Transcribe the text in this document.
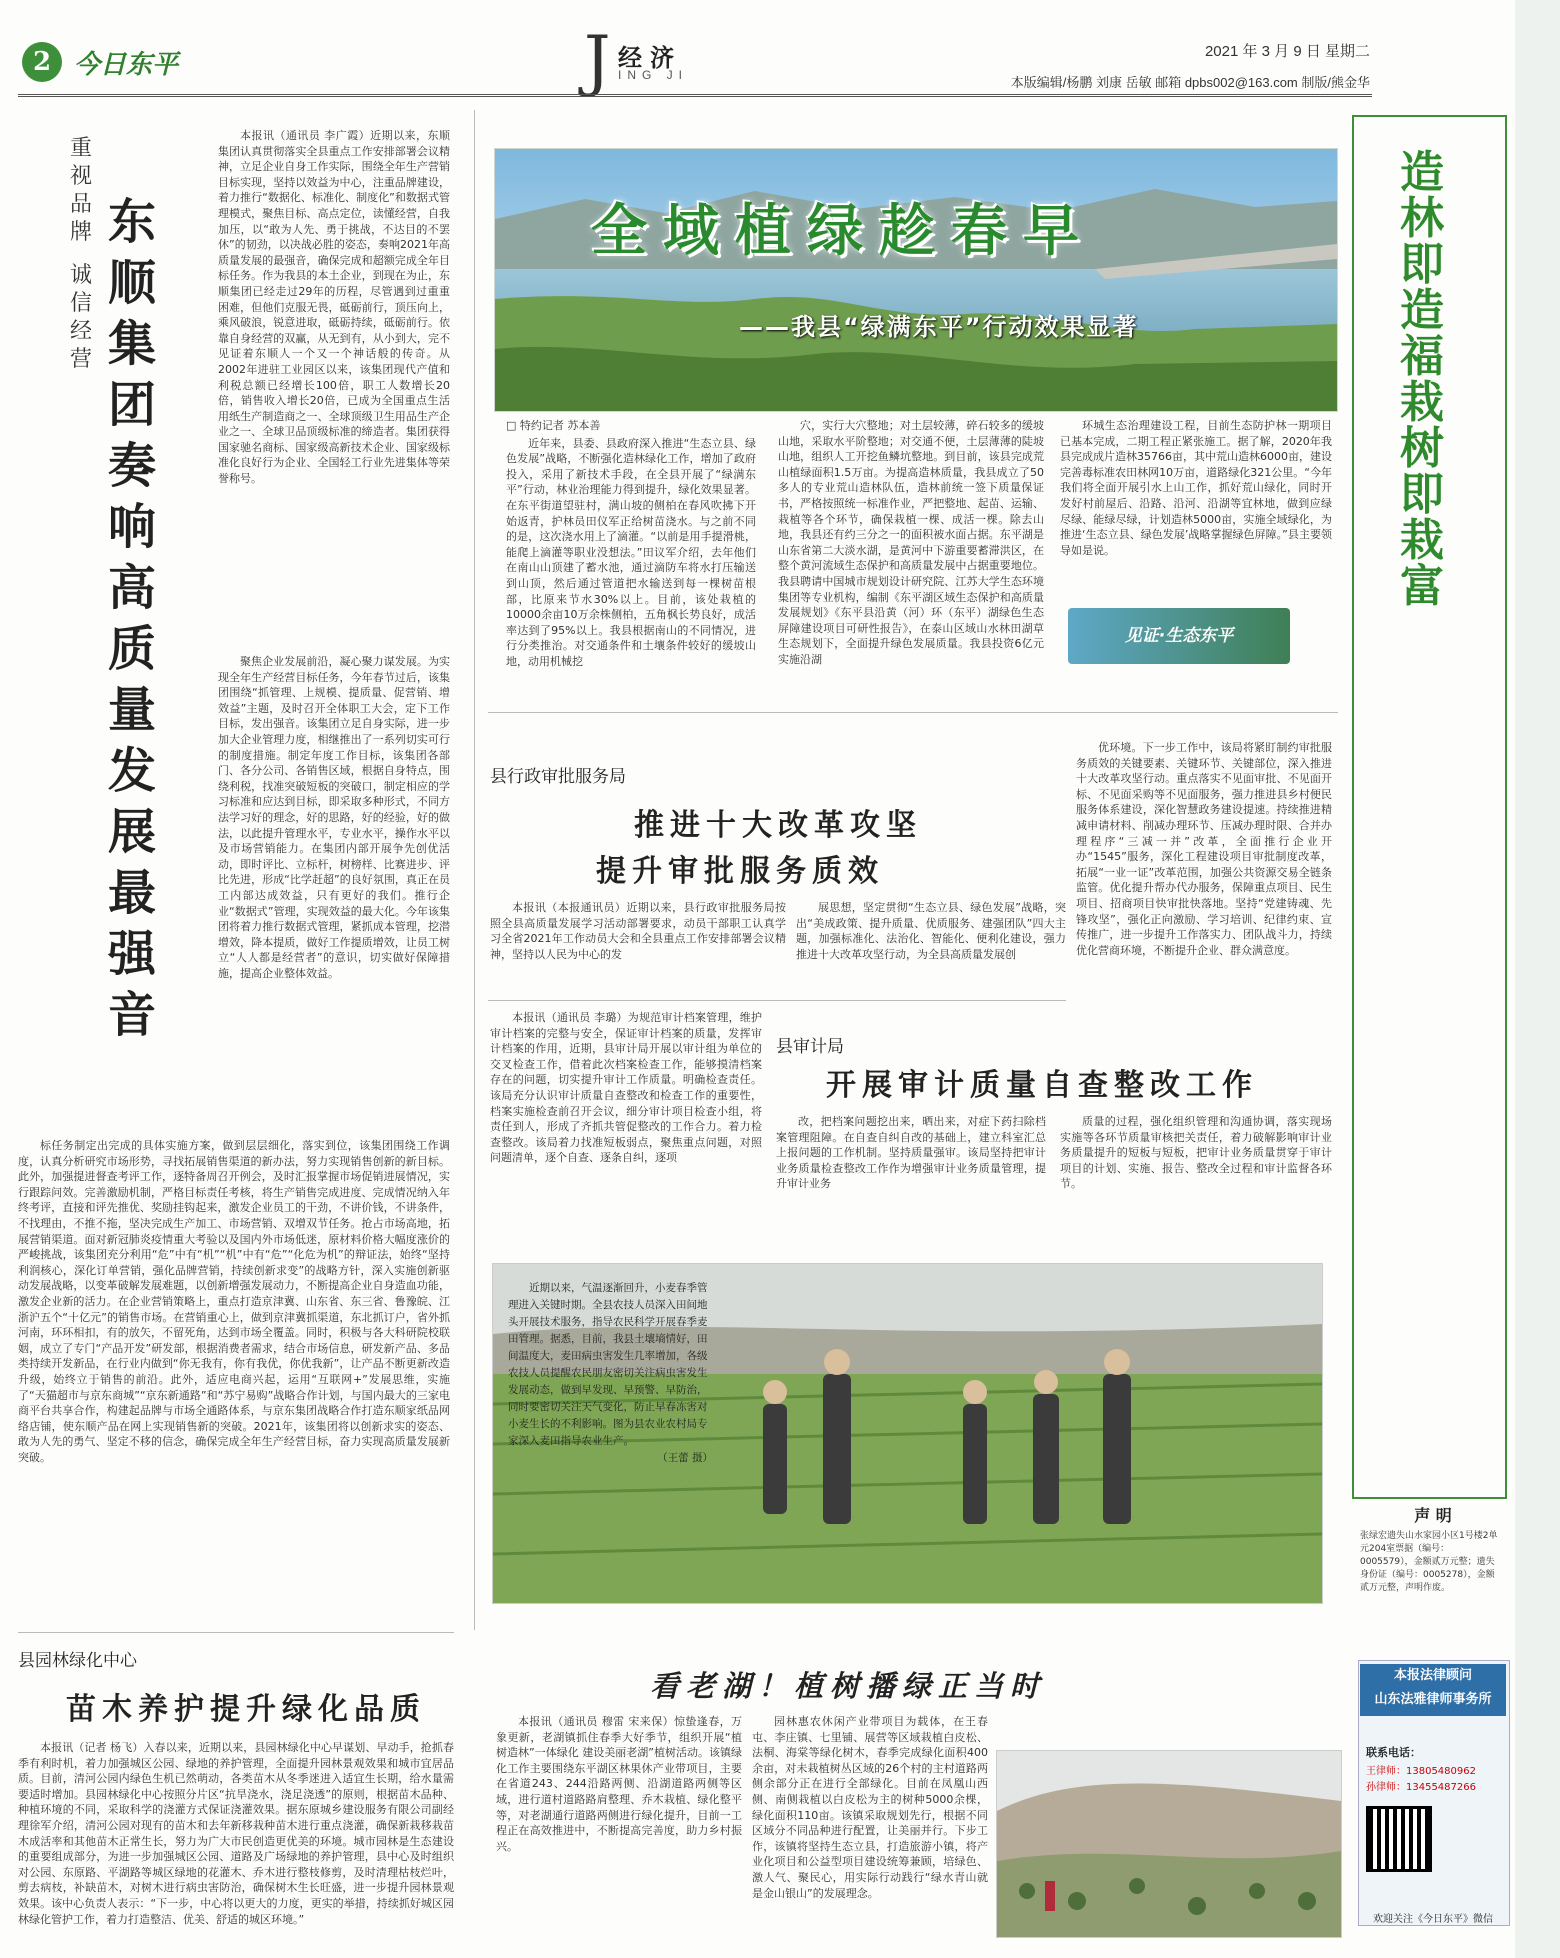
2 今日东平	J 经济
ING JI
2021 年 3 月 9 日 星期二
本版编辑/杨鹏 刘康 岳敏 邮箱 dpbs002@163.com 制版/熊金华
重视品牌
诚信经营
东顺集团奏响高质量发展最强音

本报讯（通讯员 李广霞）近期以来，东顺集团认真贯彻落实全县重点工作安排部署会议精神，立足企业自身工作实际，围绕全年生产营销目标实现，坚持以效益为中心，注重品牌建设，着力推行“数据化、标准化、制度化”和数据式管理模式，聚焦目标、高点定位，读懂经营，自我加压，以“敢为人先、勇于挑战，不达目的不罢休”的韧劲，以决战必胜的姿态，奏响2021年高质量发展的最强音，确保完成和超额完成全年目标任务。作为我县的本土企业，到现在为止，东顺集团已经走过29年的历程，尽管遇到过重重困难，但他们克服无畏，砥砺前行，顶压向上，乘风破浪，锐意进取，砥砺持续，砥砺前行。依靠自身经营的双赢，从无到有，从小到大，完不见证着东顺人一个又一个神话般的传奇。从2002年进驻工业园区以来，该集团现代产值和利税总额已经增长100倍，职工人数增长20倍，销售收入增长20倍，已成为全国重点生活用纸生产制造商之一、全球顶级卫生用品生产企业之一、全球卫品顶级标准的缔造者。集团获得国家驰名商标、国家级高新技术企业、国家级标准化良好行为企业、全国轻工行业先进集体等荣誉称号。

聚焦企业发展前沿，凝心聚力谋发展。为实现全年生产经营目标任务，今年春节过后，该集团围绕“抓管理、上规模、提质量、促营销、增效益”主题，及时召开全体职工大会，定下工作目标，发出强音。该集团立足自身实际，进一步加大企业管理力度，相继推出了一系列切实可行的制度措施。制定年度工作目标，该集团各部门、各分公司、各销售区域，根据自身特点，围绕利税，找准突破短板的突破口，制定相应的学习标准和应达到目标，即采取多种形式，不同方法学习好的理念，好的思路，好的经验，好的做法，以此提升管理水平，专业水平，操作水平以及市场营销能力。在集团内部开展争先创优活动，即时评比、立标杆，树榜样、比赛进步、评比先进，形成“比学赶超”的良好氛围，真正在员工内部达成效益，只有更好的我们。推行企业“数据式”管理，实现效益的最大化。今年该集团将着力推行数据式管理，紧抓成本管理，挖潜增效，降本提质，做好工作提质增效，让员工树立“人人都是经营者”的意识，切实做好保障措施，提高企业整体效益。

标任务制定出完成的具体实施方案，做到层层细化，落实到位，该集团围绕工作调度，认真分析研究市场形势，寻找拓展销售渠道的新办法，努力实现销售创新的新目标。此外，加强提进督查考评工作，逐特备周召开例会，及时汇报掌握市场促销进展情况，实行跟踪问效。完善激励机制，严格目标责任考核，将生产销售完成进度、完成情况纳入年终考评，直接和评先推优、奖励挂钩起来，激发企业员工的干劲，不讲价钱，不讲条件，不找理由，不推不拖，坚决完成生产加工、市场营销、双增双节任务。抢占市场高地，拓展营销渠道。面对新冠肺炎疫情重大考验以及国内外市场低迷，原材料价格大幅度涨价的严峻挑战，该集团充分利用“危”中有“机”“机”中有“危”“化危为机”的辩证法，始终“坚持利润核心，深化订单营销，强化品牌营销，持续创新求变”的战略方针，深入实施创新驱动发展战略，以变革破解发展难题，以创新增强发展动力，不断提高企业自身造血功能，激发企业新的活力。在企业营销策略上，重点打造京津冀、山东省、东三省、鲁豫皖、江浙沪五个“十亿元”的销售市场。在营销重心上，做到京津冀抓渠道，东北抓订户，省外抓河南，环环相扣，有的放矢，不留死角，达到市场全覆盖。同时，积极与各大科研院校联姻，成立了专门“产品开发”研发部，根据消费者需求，结合市场信息，研发新产品、多品类持续开发新品，在行业内做到“你无我有，你有我优，你优我新”，让产品不断更新改造升级，始终立于销售的前沿。此外，适应电商兴起，运用“互联网+”发展思维，实施了“天猫超市与京东商城”“京东新通路”和“苏宁易购”战略合作计划，与国内最大的三家电商平台共享合作，构建起品牌与市场全通路体系，与京东集团战略合作打造东顺家纸品网络店铺，使东顺产品在网上实现销售新的突破。2021年，该集团将以创新求实的姿态、敢为人先的勇气、坚定不移的信念，确保完成全年生产经营目标，奋力实现高质量发展新突破。

全域植绿趁春早
——我县“绿满东平”行动效果显著

□ 特约记者 苏本善

近年来，县委、县政府深入推进“生态立县、绿色发展”战略，不断强化造林绿化工作，增加了政府投入，采用了新技术手段，在全县开展了“绿满东平”行动，林业治理能力得到提升，绿化效果显著。在东平街道望驻村，满山坡的侧柏在春风吹拂下开始返青，护林员田仪军正给树苗浇水。与之前不同的是，这次浇水用上了滴灌。“以前是用手提滑桃，能爬上滴灌等职业没想法。”田议军介绍，去年他们在南山山顶建了蓄水池，通过滴防车将水打压输送到山顶，然后通过管道把水输送到每一棵树苗根部，比原来节水30%以上。目前，该处栽植的10000余亩10万余株侧柏，五角枫长势良好，成活率达到了95%以上。我县根据南山的不同情况，进行分类推治。对交通条件和土壤条件较好的缓坡山地，动用机械挖

穴，实行大穴整地；对土层较薄，碎石较多的缓坡山地，采取水平阶整地；对交通不便，土层薄薄的陡坡山地，组织人工开挖鱼鳞坑整地。到目前，该县完成荒山植绿面积1.5万亩。为提高造林质量，我县成立了50多人的专业荒山造林队伍，造林前统一签下质量保证书，严格按照统一标准作业，严把整地、起苗、运输、栽植等各个环节，确保栽植一棵、成活一棵。除去山地，我县还有约三分之一的面积被水面占据。东平湖是山东省第二大淡水湖，是黄河中下游重要蓄滞洪区，在整个黄河流域生态保护和高质量发展中占据重要地位。我县聘请中国城市规划设计研究院、江苏大学生态环境集团等专业机构，编制《东平湖区域生态保护和高质量发展规划》《东平县沿黄（河）环（东平）湖绿色生态屏障建设项目可研性报告》，在泰山区域山水林田湖草生态规划下，全面提升绿色发展质量。我县投资6亿元实施沿湖

环城生态治理建设工程，目前生态防护林一期项目已基本完成，二期工程正紧张施工。据了解，2020年我县完成成片造林35766亩，其中荒山造林6000亩，建设完善毒标准农田林网10万亩，道路绿化321公里。“今年我们将全面开展引水上山工作，抓好荒山绿化，同时开发好村前屋后、沿路、沿河、沿湖等宜林地，做到应绿尽绿、能绿尽绿，计划造林5000亩，实施全域绿化，为推进‘生态立县、绿色发展’战略掌握绿色屏障。”县主要领导如是说。

见证·生态东平
县行政审批服务局
推进十大改革攻坚
提升审批服务质效

本报讯（本报通讯员）近期以来，县行政审批服务局按照全县高质量发展学习活动部署要求，动员干部职工认真学习全省2021年工作动员大会和全县重点工作安排部署会议精神，坚持以人民为中心的发

展思想，坚定贯彻“生态立县、绿色发展”战略，突出“美成政策、提升质量、优质服务、建强团队”四大主题，加强标准化、法治化、智能化、便利化建设，强力推进十大改革攻坚行动，为全县高质量发展创

优环境。下一步工作中，该局将紧盯制约审批服务质效的关键要素、关键环节、关键部位，深入推进十大改革攻坚行动。重点落实不见面审批、不见面开标、不见面采购等不见面服务，强力推进县乡村便民服务体系建设，深化智慧政务建设提速。持续推进精减申请材料、削减办理环节、压减办理时限、合并办理程序“三减一并”改革，全面推行企业开办“1545”服务，深化工程建设项目审批制度改革，拓展“一业一证”改革范围，加强公共资源交易全链条监管。优化提升帮办代办服务，保障重点项目、民生项目、招商项目快审批快落地。坚持“党建铸魂、先锋攻坚”，强化正向激励、学习培训、纪律约束、宣传推广，进一步提升工作落实力、团队战斗力，持续优化营商环境，不断提升企业、群众满意度。

县审计局
开展审计质量自查整改工作

本报讯（通讯员 李璐）为规范审计档案管理，维护审计档案的完整与安全，保证审计档案的质量，发挥审计档案的作用，近期，县审计局开展以审计组为单位的交叉检查工作，借着此次档案检查工作，能够摸清档案存在的问题，切实提升审计工作质量。明确检查责任。该局充分认识审计质量自查整改和检查工作的重要性，档案实施检查前召开会议，细分审计项目检查小组，将责任到人，形成了齐抓共管促整改的工作合力。着力检查整改。该局着力找准短板弱点，聚焦重点问题，对照问题清单，逐个自查、逐条自纠，逐项

改，把档案问题挖出来，晒出来，对症下药扫除档案管理阻障。在自查自纠自改的基础上，建立科室汇总上报问题的工作机制。坚持质量强审。该局坚持把审计业务质量检查整改工作作为增强审计业务质量管理，提升审计业务

质量的过程，强化组织管理和沟通协调，落实现场实施等各环节质量审核把关责任，着力破解影响审计业务质量提升的短板与短板，把审计业务质量贯穿于审计项目的计划、实施、报告、整改全过程和审计监督各环节。

近期以来，气温逐渐回升，小麦春季管理进入关键时期。全县农技人员深入田间地头开展技术服务，指导农民科学开展春季麦田管理。据悉，目前，我县土壤墒情好，田间温度大，麦田病虫害发生几率增加，各级农技人员提醒农民朋友密切关注病虫害发生发展动态，做到早发现、早预警、早防治，同时要密切关注天气变化，防止早春冻害对小麦生长的不利影响。图为县农业农村局专家深入麦田指导农业生产。

（王蕾 摄）
县园林绿化中心
苗木养护提升绿化品质

本报讯（记者 杨飞）入春以来，近期以来，县园林绿化中心早谋划、早动手，抢抓春季有利时机，着力加强城区公园、绿地的养护管理，全面提升园林景观效果和城市宜居品质。目前，清河公园内绿色生机已然萌动，各类苗木从冬季迷进入适宜生长期，给水量需要适时增加。县园林绿化中心按照分片区“抗旱浇水，浇足浇透”的原则，根据苗木品种、种植环境的不同，采取科学的浇灌方式保证浇灌效果。据东原城乡建设服务有限公司副经理徐军介绍，清河公园对现有的苗木和去年新移栽种苗木进行重点浇灌，确保新栽移栽苗木成活率和其他苗木正常生长，努力为广大市民创造更优美的环境。城市园林是生态建设的重要组成部分，为进一步加强城区公园、道路及广场绿地的养护管理，县中心及时组织对公园、东原路、平湖路等城区绿地的花灌木、乔木进行整枝修剪，及时清理枯枝烂叶，剪去病枝，补缺苗木，对树木进行病虫害防治，确保树木生长旺盛，进一步提升园林景观效果。该中心负责人表示：“下一步，中心将以更大的力度，更实的举措，持续抓好城区园林绿化管护工作，着力打造整洁、优美、舒适的城区环境。”

看老湖！植树播绿正当时

本报讯（通讯员 穆雷 宋来保）惊蛰逢春，万象更新，老湖镇抓住春季大好季节，组织开展“植树造林”一体绿化 建设美丽老湖”植树活动。该镇绿化工作主要围绕东平湖区林果休产业带项目，主要在省道243、244沿路两侧、沿湖道路两侧等区域，进行道村道路路肩整理、乔木栽植、绿化整平等，对老湖通行道路两侧进行绿化提升，目前一工程正在高效推进中，不断提高完善度，助力乡村振兴。

园林惠农休闲产业带项目为载体，在王春屯、李庄镇、七里铺、展营等区域栽植白皮松、法桐、海棠等绿化树木，春季完成绿化面积400余亩，对未栽植树丛区域的26个村的主村道路两侧余部分正在进行全部绿化。目前在凤凰山西侧、南侧栽植以白皮松为主的树种5000余棵，绿化面积110亩。该镇采取规划先行，根据不同区域分不同品种进行配置，让美丽并行。下步工作，该镇将坚持生态立县，打造旅游小镇，将产业化项目和公益型项目建设统筹兼顾，培绿色、激人气、聚民心，用实际行动践行“绿水青山就是金山银山”的发展理念。

造林即造福 栽树即栽富
声 明
张绿宏遗失山水家园小区1号楼2单元204室票据（编号：0005579），金额贰万元整；遗失身份证（编号：0005278），金额贰万元整，声明作废。
本报法律顾问
山东法雅律师事务所
联系电话：
王律师：13805480962
孙律师：13455487266
欢迎关注《今日东平》微信
